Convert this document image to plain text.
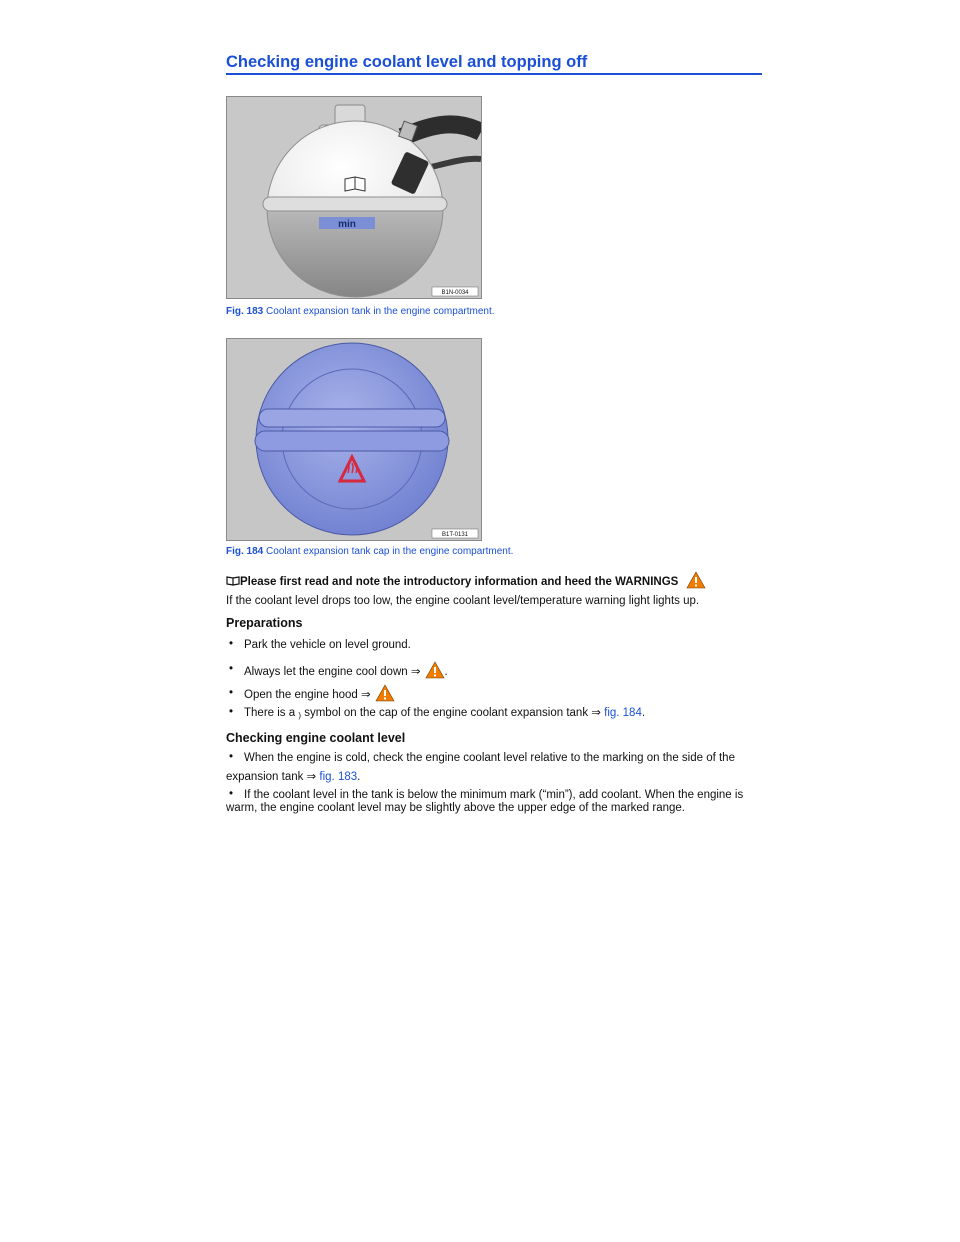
Checking engine coolant level and topping off
min
B1N-0034
Fig. 183 Coolant expansion tank in the engine compartment.
B1T-0131
Fig. 184 Coolant expansion tank cap in the engine compartment.
Please first read and note the introductory information and heed the WARNINGS
If the coolant level drops too low, the engine coolant level/temperature warning light lights up.
Preparations
• Park the vehicle on level ground.
• Always let the engine cool down ⇒ .
• Open the engine hood ⇒
• There is a ) symbol on the cap of the engine coolant expansion tank ⇒ fig. 184.
Checking engine coolant level
• When the engine is cold, check the engine coolant level relative to the marking on the side of the
expansion tank ⇒ fig. 183.
• If the coolant level in the tank is below the minimum mark (“min”), add coolant. When the engine is
warm, the engine coolant level may be slightly above the upper edge of the marked range.
